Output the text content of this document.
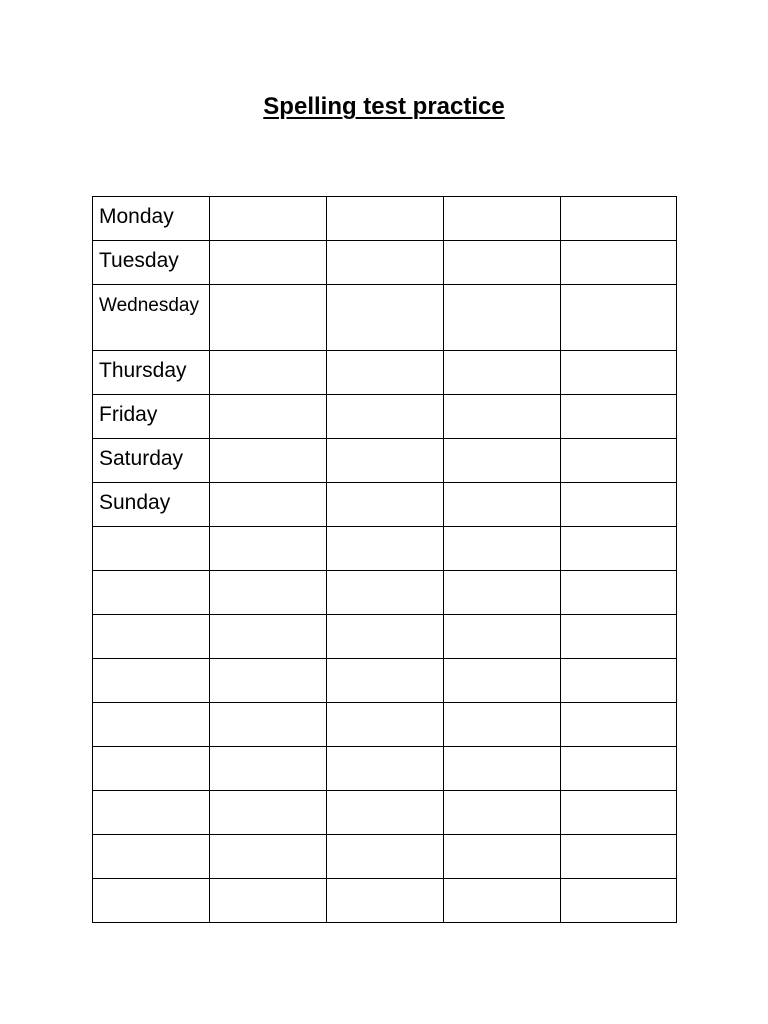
Spelling test practice
Monday				
Tuesday				
Wednesday				
Thursday				
Friday				
Saturday				
Sunday				
